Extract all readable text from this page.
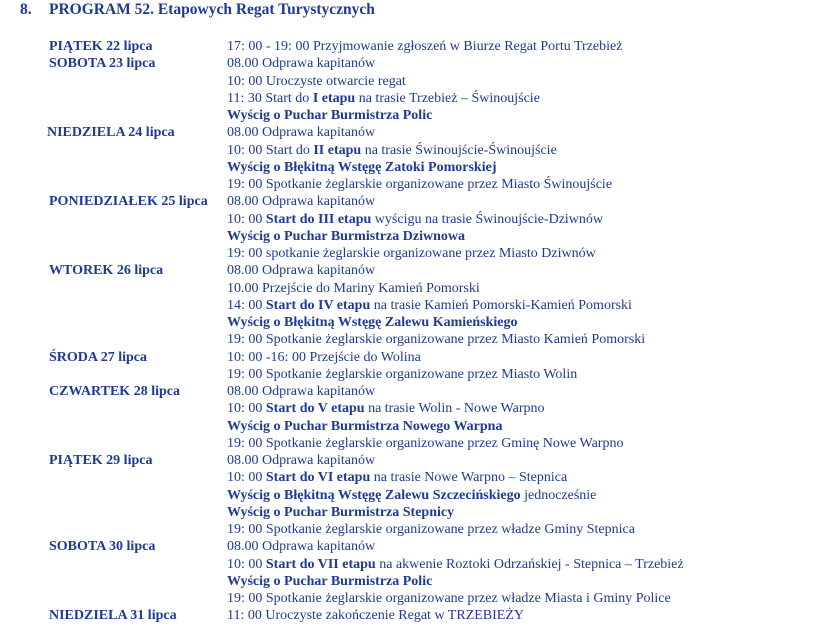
8. PROGRAM 52. Etapowych Regat Turystycznych
PIĄTEK 22 lipca	17: 00 - 19: 00 Przyjmowanie zgłoszeń w Biurze Regat Portu Trzebież
SOBOTA 23 lipca	08.00 Odprawa kapitanów
10: 00 Uroczyste otwarcie regat
11: 30 Start do I etapu na trasie Trzebież – Świnoujście
Wyścig o Puchar Burmistrza Polic
NIEDZIELA 24 lipca	08.00 Odprawa kapitanów
10: 00 Start do II etapu na trasie Świnoujście-Świnoujście
Wyścig o Błękitną Wstęgę Zatoki Pomorskiej
19: 00 Spotkanie żeglarskie organizowane przez Miasto Świnoujście
PONIEDZIAŁEK 25 lipca 08.00 Odprawa kapitanów
10: 00 Start do III etapu wyścigu na trasie Świnoujście-Dziwnów
Wyścig o Puchar Burmistrza Dziwnowa
19: 00 spotkanie żeglarskie organizowane przez Miasto Dziwnów
WTOREK 26 lipca	08.00 Odprawa kapitanów
10.00 Przejście do Mariny Kamień Pomorski
14: 00 Start do IV etapu na trasie Kamień Pomorski-Kamień Pomorski
Wyścig o Błękitną Wstęgę Zalewu Kamieńskiego
19: 00 Spotkanie żeglarskie organizowane przez Miasto Kamień Pomorski
ŚRODA 27 lipca	10: 00 -16: 00 Przejście do Wolina
19: 00 Spotkanie żeglarskie organizowane przez Miasto Wolin
CZWARTEK 28 lipca	08.00 Odprawa kapitanów
10: 00 Start do V etapu na trasie Wolin - Nowe Warpno
Wyścig o Puchar Burmistrza Nowego Warpna
19: 00 Spotkanie żeglarskie organizowane przez Gminę Nowe Warpno
PIĄTEK 29 lipca	08.00 Odprawa kapitanów
10: 00 Start do VI etapu na trasie Nowe Warpno – Stepnica
Wyścig o Błękitną Wstęgę Zalewu Szczecińskiego jednocześnie
Wyścig o Puchar Burmistrza Stepnicy
19: 00 Spotkanie żeglarskie organizowane przez władze Gminy Stepnica
SOBOTA 30 lipca	08.00 Odprawa kapitanów
10: 00 Start do VII etapu na akwenie Roztoki Odrzańskiej - Stepnica – Trzebież
Wyścig o Puchar Burmistrza Polic
19: 00 Spotkanie żeglarskie organizowane przez władze Miasta i Gminy Police
NIEDZIELA 31 lipca	11: 00 Uroczyste zakończenie Regat w TRZEBIEŻY
